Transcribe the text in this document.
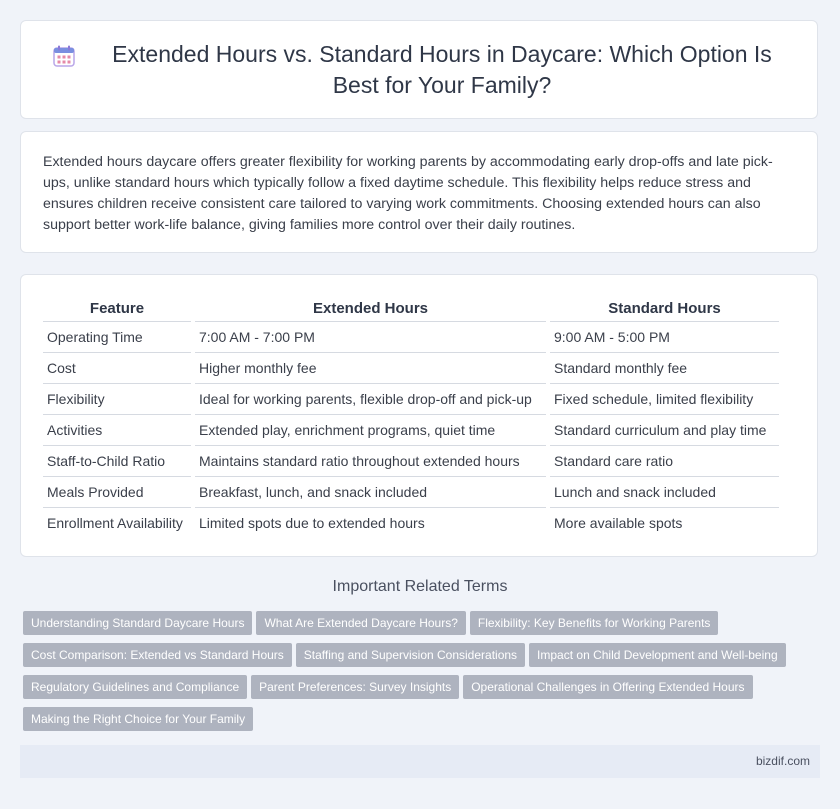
Extended Hours vs. Standard Hours in Daycare: Which Option Is Best for Your Family?

Extended hours daycare offers greater flexibility for working parents by accommodating early drop-offs and late pick-ups, unlike standard hours which typically follow a fixed daytime schedule. This flexibility helps reduce stress and ensures children receive consistent care tailored to varying work commitments. Choosing extended hours can also support better work-life balance, giving families more control over their daily routines.

Feature	Extended Hours	Standard Hours
Operating Time	7:00 AM - 7:00 PM	9:00 AM - 5:00 PM
Cost	Higher monthly fee	Standard monthly fee
Flexibility	Ideal for working parents, flexible drop-off and pick-up	Fixed schedule, limited flexibility
Activities	Extended play, enrichment programs, quiet time	Standard curriculum and play time
Staff-to-Child Ratio	Maintains standard ratio throughout extended hours	Standard care ratio
Meals Provided	Breakfast, lunch, and snack included	Lunch and snack included
Enrollment Availability	Limited spots due to extended hours	More available spots
Important Related Terms
Understanding Standard Daycare Hours What Are Extended Daycare Hours? Flexibility: Key Benefits for Working Parents
Cost Comparison: Extended vs Standard Hours Staffing and Supervision Considerations Impact on Child Development and Well-being
Regulatory Guidelines and Compliance Parent Preferences: Survey Insights Operational Challenges in Offering Extended Hours
Making the Right Choice for Your Family
bizdif.com
